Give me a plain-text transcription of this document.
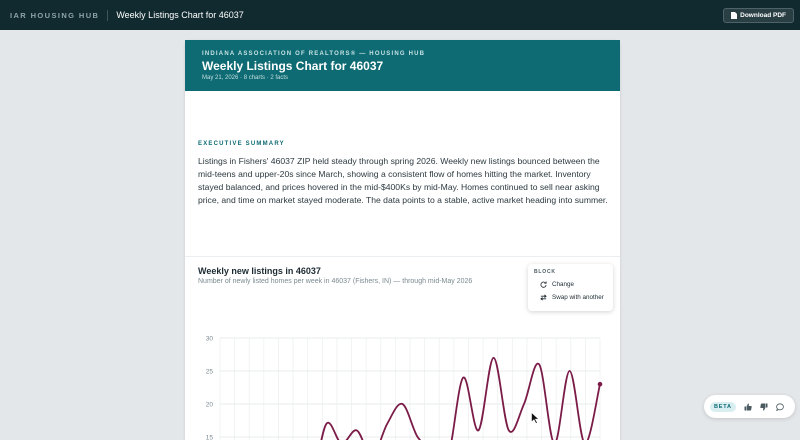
IAR HOUSING HUB Weekly Listings Chart for 46037	Download PDF
INDIANA ASSOCIATION OF REALTORS® — HOUSING HUB
Weekly Listings Chart for 46037
May 21, 2026 · 8 charts · 2 facts
EXECUTIVE SUMMARY
Listings in Fishers' 46037 ZIP held steady through spring 2026. Weekly new listings bounced between the mid-teens and upper-20s since March, showing a consistent flow of homes hitting the market. Inventory stayed balanced, and prices hovered in the mid-$400Ks by mid-May. Homes continued to sell near asking price, and time on market stayed moderate. The data points to a stable, active market heading into summer.
Weekly new listings in 46037
Number of newly listed homes per week in 46037 (Fishers, IN) — through mid-May 2026
15
20
25
30
BLOCK
Change
Swap with another
BETA
